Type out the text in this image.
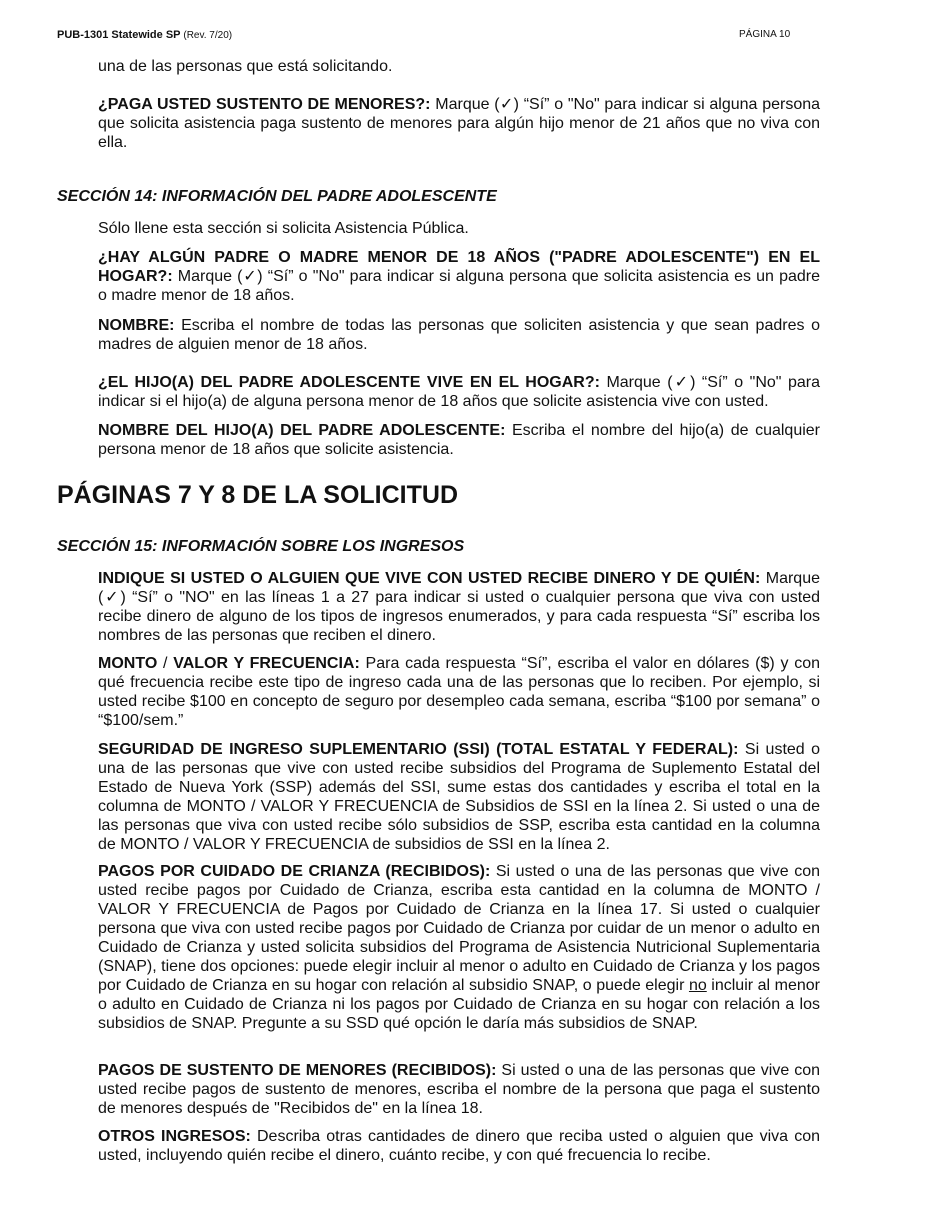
PUB-1301 Statewide SP (Rev. 7/20)	PÁGINA 10

una de las personas que está solicitando.

¿PAGA USTED SUSTENTO DE MENORES?: Marque (✓) “Sí” o "No" para indicar si alguna persona que solicita asistencia paga sustento de menores para algún hijo menor de 21 años que no viva con ella.

SECCIÓN 14: INFORMACIÓN DEL PADRE ADOLESCENTE

Sólo llene esta sección si solicita Asistencia Pública.

¿HAY ALGÚN PADRE O MADRE MENOR DE 18 AÑOS ("PADRE ADOLESCENTE") EN EL HOGAR?: Marque (✓) “Sí” o "No" para indicar si alguna persona que solicita asistencia es un padre o madre menor de 18 años.

NOMBRE: Escriba el nombre de todas las personas que soliciten asistencia y que sean padres o madres de alguien menor de 18 años.

¿EL HIJO(A) DEL PADRE ADOLESCENTE VIVE EN EL HOGAR?: Marque (✓) “Sí” o "No" para indicar si el hijo(a) de alguna persona menor de 18 años que solicite asistencia vive con usted.

NOMBRE DEL HIJO(A) DEL PADRE ADOLESCENTE: Escriba el nombre del hijo(a) de cualquier persona menor de 18 años que solicite asistencia.

PÁGINAS 7 Y 8 DE LA SOLICITUD
SECCIÓN 15: INFORMACIÓN SOBRE LOS INGRESOS

INDIQUE SI USTED O ALGUIEN QUE VIVE CON USTED RECIBE DINERO Y DE QUIÉN: Marque (✓) “Sí” o "NO" en las líneas 1 a 27 para indicar si usted o cualquier persona que viva con usted recibe dinero de alguno de los tipos de ingresos enumerados, y para cada respuesta “Sí” escriba los nombres de las personas que reciben el dinero.

MONTO / VALOR Y FRECUENCIA: Para cada respuesta “Sí”, escriba el valor en dólares ($) y con qué frecuencia recibe este tipo de ingreso cada una de las personas que lo reciben. Por ejemplo, si usted recibe $100 en concepto de seguro por desempleo cada semana, escriba “$100 por semana” o “$100/sem.”

SEGURIDAD DE INGRESO SUPLEMENTARIO (SSI) (TOTAL ESTATAL Y FEDERAL): Si usted o una de las personas que vive con usted recibe subsidios del Programa de Suplemento Estatal del Estado de Nueva York (SSP) además del SSI, sume estas dos cantidades y escriba el total en la columna de MONTO / VALOR Y FRECUENCIA de Subsidios de SSI en la línea 2. Si usted o una de las personas que viva con usted recibe sólo subsidios de SSP, escriba esta cantidad en la columna de MONTO / VALOR Y FRECUENCIA de subsidios de SSI en la línea 2.

PAGOS POR CUIDADO DE CRIANZA (RECIBIDOS): Si usted o una de las personas que vive con usted recibe pagos por Cuidado de Crianza, escriba esta cantidad en la columna de MONTO / VALOR Y FRECUENCIA de Pagos por Cuidado de Crianza en la línea 17. Si usted o cualquier persona que viva con usted recibe pagos por Cuidado de Crianza por cuidar de un menor o adulto en Cuidado de Crianza y usted solicita subsidios del Programa de Asistencia Nutricional Suplementaria (SNAP), tiene dos opciones: puede elegir incluir al menor o adulto en Cuidado de Crianza y los pagos por Cuidado de Crianza en su hogar con relación al subsidio SNAP, o puede elegir no incluir al menor o adulto en Cuidado de Crianza ni los pagos por Cuidado de Crianza en su hogar con relación a los subsidios de SNAP. Pregunte a su SSD qué opción le daría más subsidios de SNAP.

PAGOS DE SUSTENTO DE MENORES (RECIBIDOS): Si usted o una de las personas que vive con usted recibe pagos de sustento de menores, escriba el nombre de la persona que paga el sustento de menores después de "Recibidos de" en la línea 18.

OTROS INGRESOS: Describa otras cantidades de dinero que reciba usted o alguien que viva con usted, incluyendo quién recibe el dinero, cuánto recibe, y con qué frecuencia lo recibe.
